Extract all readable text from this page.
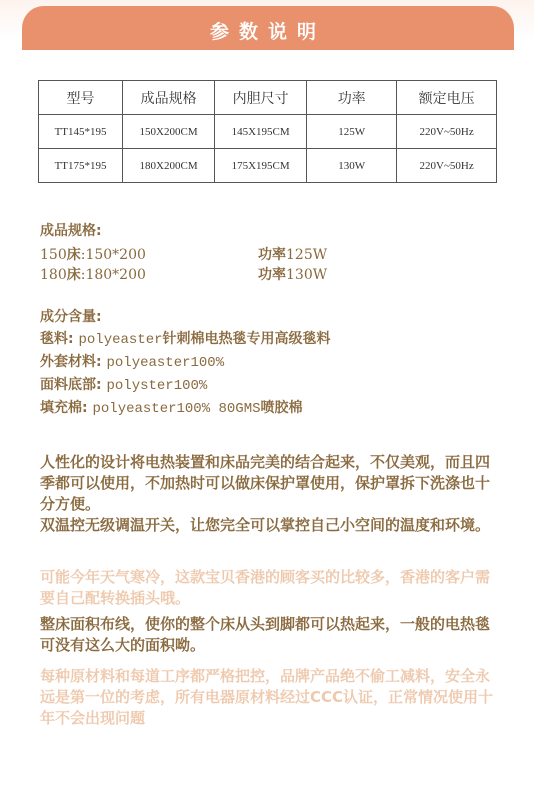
参数说明
型号	成品规格	内胆尺寸	功率	额定电压
TT145*195	150X200CM	145X195CM	125W	220V~50Hz
TT175*195	180X200CM	175X195CM	130W	220V~50Hz
成品规格:
150床:150*200	功率125W
180床:180*200	功率130W
成分含量:
毯料: polyeaster针刺棉电热毯专用高级毯料
外套材料: polyeaster100%
面料底部: polyster100%
填充棉: polyeaster100% 80GMS喷胶棉
人性化的设计将电热装置和床品完美的结合起来，不仅美观，而且四季都可以使用，不加热时可以做床保护罩使用，保护罩拆下洗涤也十分方便。
双温控无级调温开关，让您完全可以掌控自己小空间的温度和环境。
可能今年天气寒冷，这款宝贝香港的顾客买的比较多，香港的客户需要自己配转换插头哦。
整床面积布线，使你的整个床从头到脚都可以热起来，一般的电热毯可没有这么大的面积呦。
每种原材料和每道工序都严格把控，品牌产品绝不偷工减料，安全永远是第一位的考虑，所有电器原材料经过CCC认证，正常情况使用十年不会出现问题
